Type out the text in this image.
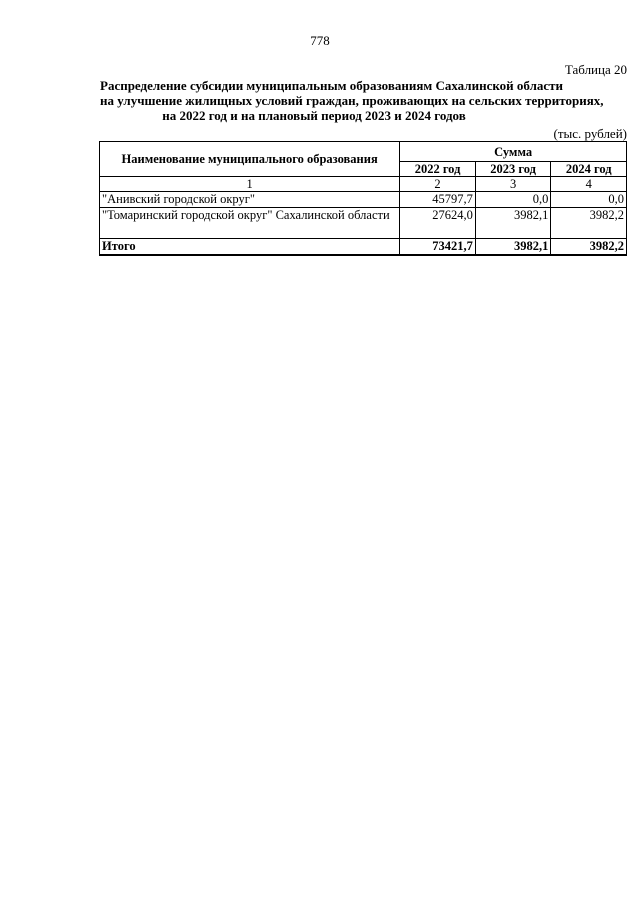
778
Таблица 20
Распределение субсидии муниципальным образованиям Сахалинской области
на улучшение жилищных условий граждан, проживающих на сельских территориях,
на 2022 год и на плановый период 2023 и 2024 годов
(тыс. рублей)
Наименование муниципального образования	Сумма		
	2022 год	2023 год	2024 год
1	2	3	4
"Анивский городской округ"	45797,7	0,0	0,0
"Томаринский городской округ" Сахалинской области	27624,0	3982,1	3982,2
Итого	73421,7	3982,1	3982,2
